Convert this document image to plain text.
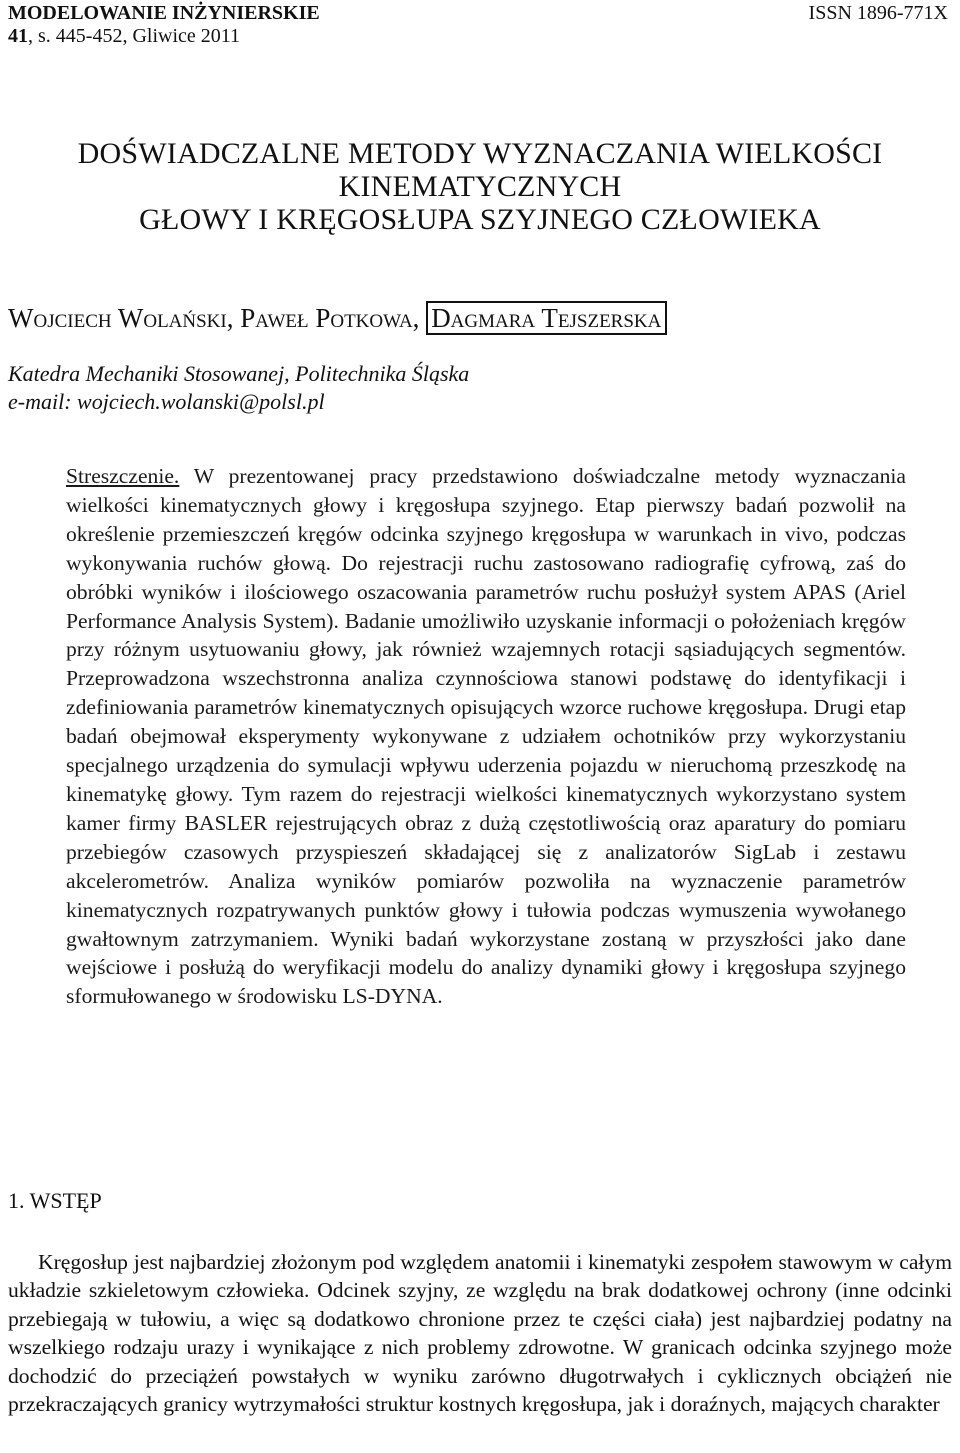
MODELOWANIE INŻYNIERSKIE
41, s. 445-452, Gliwice 2011
ISSN 1896-771X
DOŚWIADCZALNE METODY WYZNACZANIA WIELKOŚCI
KINEMATYCZNYCH
GŁOWY I KRĘGOSŁUPA SZYJNEGO CZŁOWIEKA
Wojciech Wolański, Paweł Potkowa, Dagmara Tejszerska
Katedra Mechaniki Stosowanej, Politechnika Śląska
e-mail: wojciech.wolanski@polsl.pl
Streszczenie. W prezentowanej pracy przedstawiono doświadczalne metody wyznaczania wielkości kinematycznych głowy i kręgosłupa szyjnego. Etap pierwszy badań pozwolił na określenie przemieszczeń kręgów odcinka szyjnego kręgosłupa w warunkach in vivo, podczas wykonywania ruchów głową. Do rejestracji ruchu zastosowano radiografię cyfrową, zaś do obróbki wyników i ilościowego oszacowania parametrów ruchu posłużył system APAS (Ariel Performance Analysis System). Badanie umożliwiło uzyskanie informacji o położeniach kręgów przy różnym usytuowaniu głowy, jak również wzajemnych rotacji sąsiadujących segmentów. Przeprowadzona wszechstronna analiza czynnościowa stanowi podstawę do identyfikacji i zdefiniowania parametrów kinematycznych opisujących wzorce ruchowe kręgosłupa. Drugi etap badań obejmował eksperymenty wykonywane z udziałem ochotników przy wykorzystaniu specjalnego urządzenia do symulacji wpływu uderzenia pojazdu w nieruchomą przeszkodę na kinematykę głowy. Tym razem do rejestracji wielkości kinematycznych wykorzystano system kamer firmy BASLER rejestrujących obraz z dużą częstotliwością oraz aparatury do pomiaru przebiegów czasowych przyspieszeń składającej się z analizatorów SigLab i zestawu akcelerometrów. Analiza wyników pomiarów pozwoliła na wyznaczenie parametrów kinematycznych rozpatrywanych punktów głowy i tułowia podczas wymuszenia wywołanego gwałtownym zatrzymaniem. Wyniki badań wykorzystane zostaną w przyszłości jako dane wejściowe i posłużą do weryfikacji modelu do analizy dynamiki głowy i kręgosłupa szyjnego sformułowanego w środowisku LS-DYNA.
1. WSTĘP
Kręgosłup jest najbardziej złożonym pod względem anatomii i kinematyki zespołem stawowym w całym układzie szkieletowym człowieka. Odcinek szyjny, ze względu na brak dodatkowej ochrony (inne odcinki przebiegają w tułowiu, a więc są dodatkowo chronione przez te części ciała) jest najbardziej podatny na wszelkiego rodzaju urazy i wynikające z nich problemy zdrowotne. W granicach odcinka szyjnego może dochodzić do przeciążeń powstałych w wyniku zarówno długotrwałych i cyklicznych obciążeń nie przekraczających granicy wytrzymałości struktur kostnych kręgosłupa, jak i doraźnych, mających charakter
